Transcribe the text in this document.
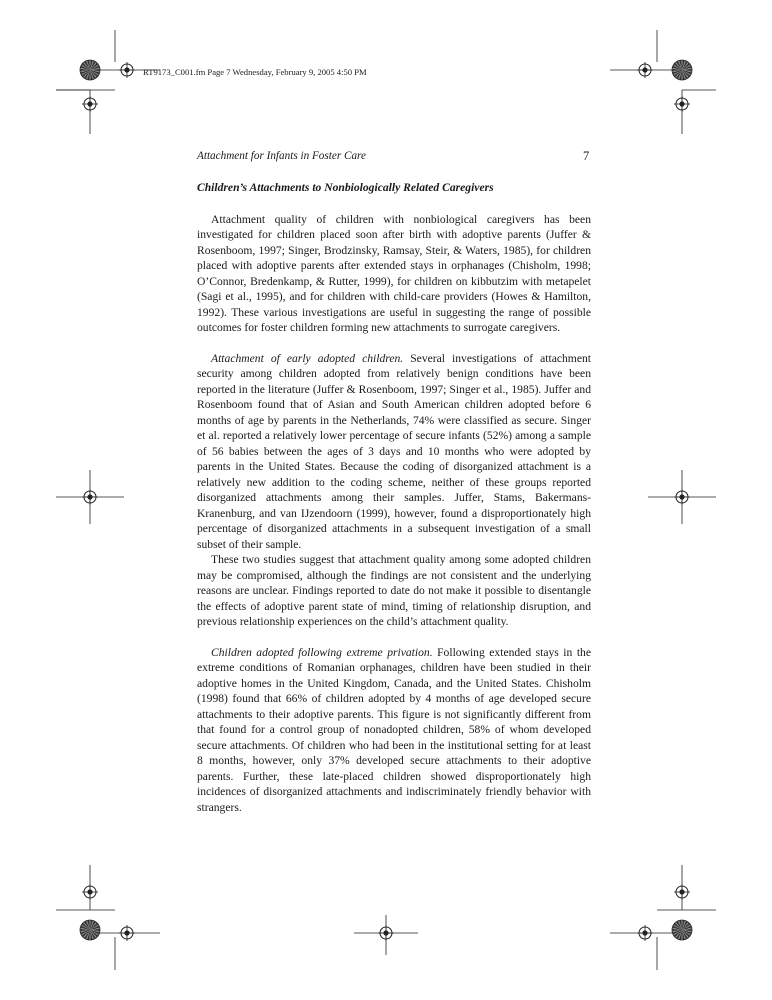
RT9173_C001.fm Page 7 Wednesday, February 9, 2005 4:50 PM
Attachment for Infants in Foster Care	7
Children’s Attachments to Nonbiologically Related Caregivers

Attachment quality of children with nonbiological caregivers has been investigated for children placed soon after birth with adoptive parents (Juffer & Rosenboom, 1997; Singer, Brodzinsky, Ramsay, Steir, & Waters, 1985), for children placed with adoptive parents after extended stays in orphanages (Chisholm, 1998; O’Connor, Bredenkamp, & Rutter, 1999), for children on kibbutzim with metapelet (Sagi et al., 1995), and for children with child-care providers (Howes & Hamilton, 1992). These various investigations are useful in suggesting the range of possible outcomes for foster children forming new attachments to surrogate caregivers.

Attachment of early adopted children. Several investigations of attachment security among children adopted from relatively benign conditions have been reported in the literature (Juffer & Rosenboom, 1997; Singer et al., 1985). Juffer and Rosenboom found that of Asian and South American children adopted before 6 months of age by parents in the Netherlands, 74% were classified as secure. Singer et al. reported a relatively lower percentage of secure infants (52%) among a sample of 56 babies between the ages of 3 days and 10 months who were adopted by parents in the United States. Because the coding of disorganized attachment is a relatively new addition to the coding scheme, neither of these groups reported disorganized attachments among their samples. Juffer, Stams, Bakermans-Kranenburg, and van IJzendoorn (1999), however, found a disproportionately high percentage of disorganized attachments in a subsequent investigation of a small subset of their sample.

These two studies suggest that attachment quality among some adopted children may be compromised, although the findings are not consistent and the underlying reasons are unclear. Findings reported to date do not make it possible to disentangle the effects of adoptive parent state of mind, timing of relationship disruption, and previous relationship experiences on the child’s attachment quality.

Children adopted following extreme privation. Following extended stays in the extreme conditions of Romanian orphanages, children have been studied in their adoptive homes in the United Kingdom, Canada, and the United States. Chisholm (1998) found that 66% of children adopted by 4 months of age developed secure attachments to their adoptive parents. This figure is not significantly different from that found for a control group of nonadopted children, 58% of whom developed secure attachments. Of children who had been in the institutional setting for at least 8 months, however, only 37% developed secure attachments to their adoptive parents. Further, these late-placed children showed disproportionately high incidences of disorganized attachments and indiscriminately friendly behavior with strangers.
